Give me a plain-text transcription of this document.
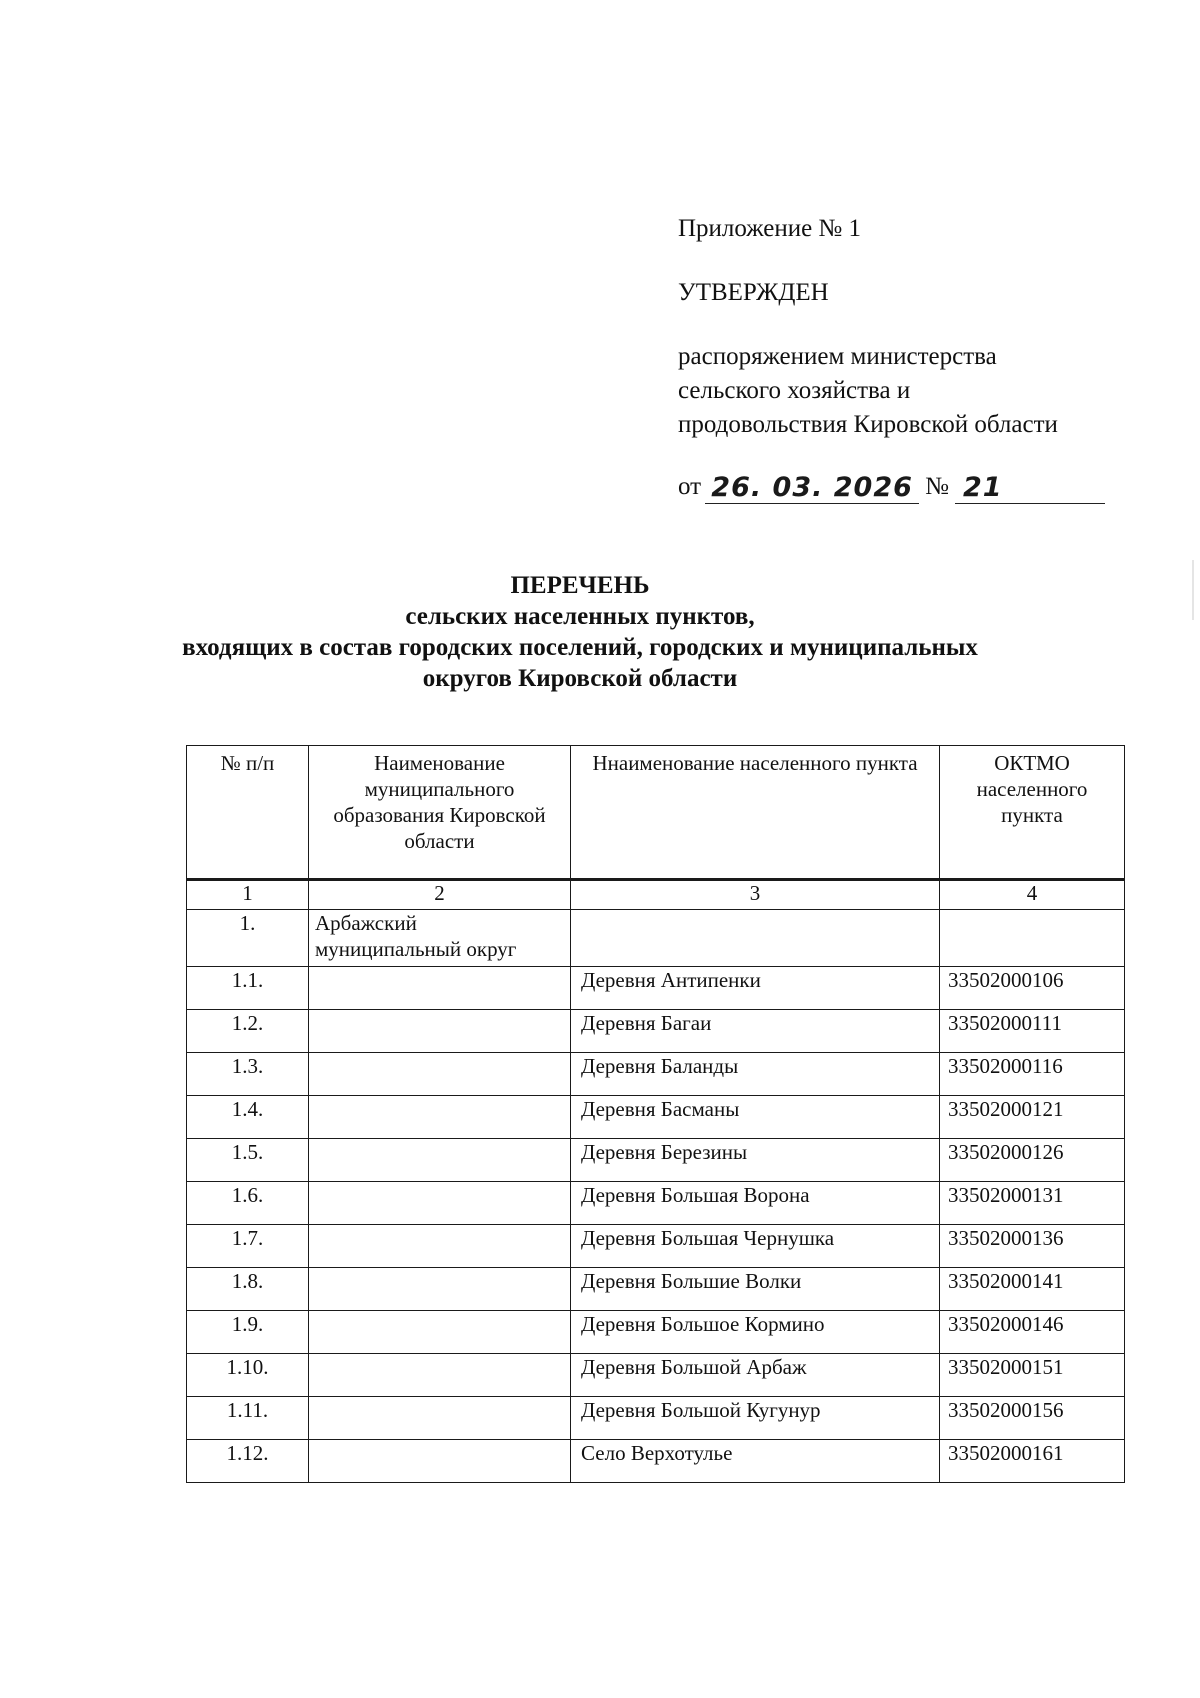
Приложение № 1
УТВЕРЖДЕН
распоряжением министерства
сельского хозяйства и
продовольствия Кировской области
от 26. 03. 2026 № 21
ПЕРЕЧЕНЬ
сельских населенных пунктов,
входящих в состав городских поселений, городских и муниципальных
округов Кировской области
№ п/п	Наименование муниципального образования Кировской области	Ннаименование населенного пункта	ОКТМО населенного пункта
1	2	3	4
1.	Арбажский муниципальный округ		
1.1.		Деревня Антипенки	33502000106
1.2.		Деревня Багаи	33502000111
1.3.		Деревня Баланды	33502000116
1.4.		Деревня Басманы	33502000121
1.5.		Деревня Березины	33502000126
1.6.		Деревня Большая Ворона	33502000131
1.7.		Деревня Большая Чернушка	33502000136
1.8.		Деревня Большие Волки	33502000141
1.9.		Деревня Большое Кормино	33502000146
1.10.		Деревня Большой Арбаж	33502000151
1.11.		Деревня Большой Кугунур	33502000156
1.12.		Село Верхотулье	33502000161
